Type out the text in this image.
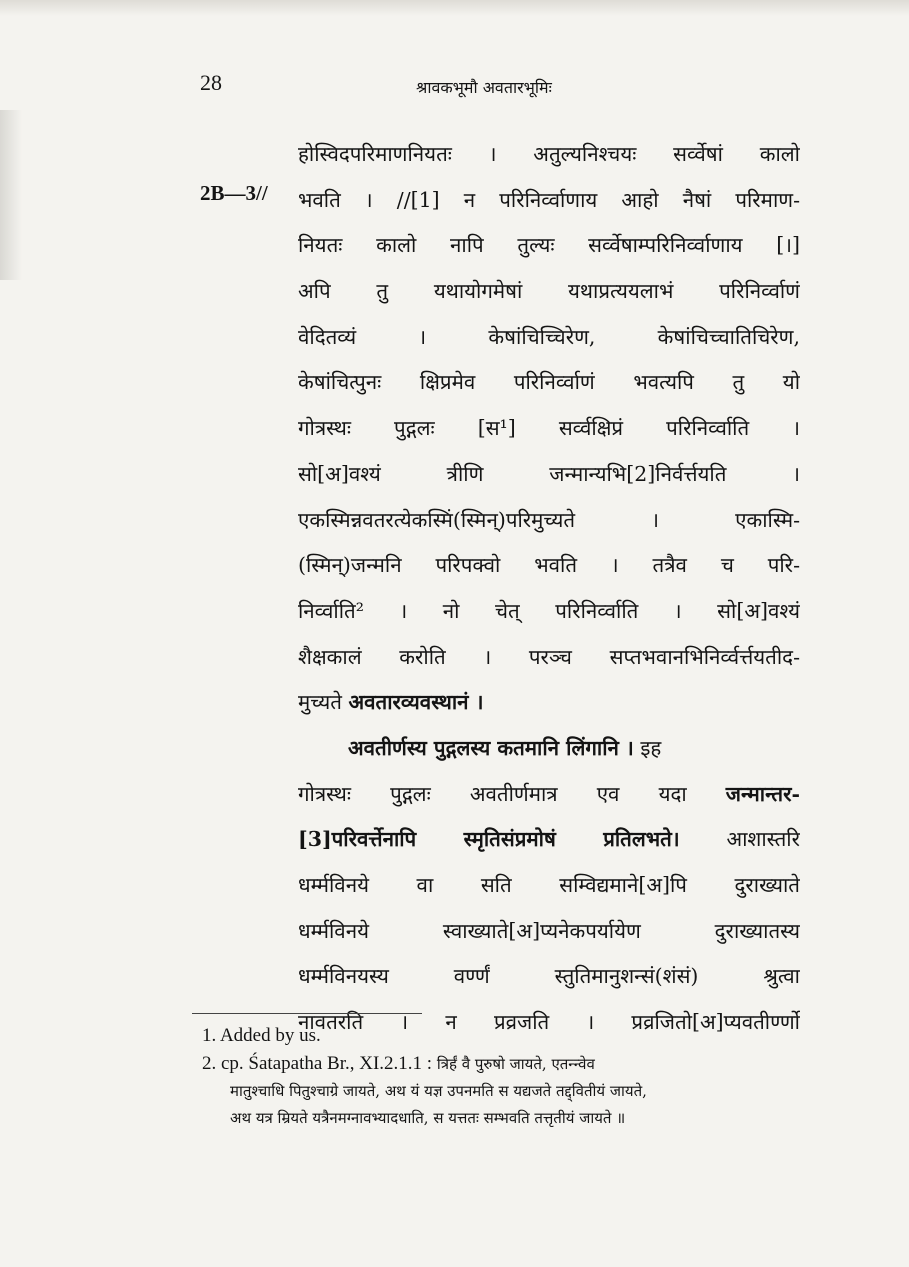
28	श्रावकभूमौ अवतारभूमिः
2B—3//
होस्विदपरिमाणनियतः । अतुल्यनिश्चयः सर्व्वेषां कालो
भवति । //[1] न परिनिर्व्वाणाय आहो नैषां परिमाण-
नियतः कालो नापि तुल्यः सर्व्वेषाम्परिनिर्व्वाणाय [।]
अपि तु यथायोगमेषां यथाप्रत्ययलाभं परिनिर्व्वाणं
वेदितव्यं । केषांचिच्चिरेण, केषांचिच्चातिचिरेण,
केषांचित्पुनः क्षिप्रमेव परिनिर्व्वाणं भवत्यपि तु यो
गोत्रस्थः पुद्गलः [स¹] सर्व्वक्षिप्रं परिनिर्व्वाति ।
सो[अ]वश्यं त्रीणि जन्मान्यभि[2]निर्वर्त्तयति ।
एकस्मिन्नवतरत्येकस्मिं(स्मिन्)परिमुच्यते । एकास्मि-
(स्मिन्)जन्मनि परिपक्वो भवति । तत्रैव च परि-
निर्व्वाति² । नो चेत् परिनिर्व्वाति । सो[अ]वश्यं
शैक्षकालं करोति । परञ्च सप्तभवानभिनिर्व्वर्त्तयतीद-
मुच्यते अवतारव्यवस्थानं ।
अवतीर्णस्य पुद्गलस्य कतमानि लिंगानि । इह
गोत्रस्थः पुद्गलः अवतीर्णमात्र एव यदा जन्मान्तर-
[3]परिवर्त्तेनापि स्मृतिसंप्रमोषं प्रतिलभते। आशास्तरि
धर्म्मविनये वा सति सम्विद्यमाने[अ]पि दुराख्याते
धर्म्मविनये स्वाख्याते[अ]प्यनेकपर्यायेण दुराख्यातस्य
धर्म्मविनयस्य वर्ण्णं स्तुतिमानुशन्सं(शंसं) श्रुत्वा
नावतरति । न प्रव्रजति । प्रव्रजितो[अ]प्यवतीर्ण्णो
1. Added by us.
2. cp. Śatapatha Br., XI.2.1.1 : त्रिर्हं वै पुरुषो जायते, एतन्न्वेव
मातुश्चाधि पितुश्चाग्रे जायते, अथ यं यज्ञ उपनमति स यद्यजते तद्द्वितीयं जायते,
अथ यत्र म्रियते यत्रैनमग्नावभ्यादधाति, स यत्ततः सम्भवति तत्तृतीयं जायते ॥
